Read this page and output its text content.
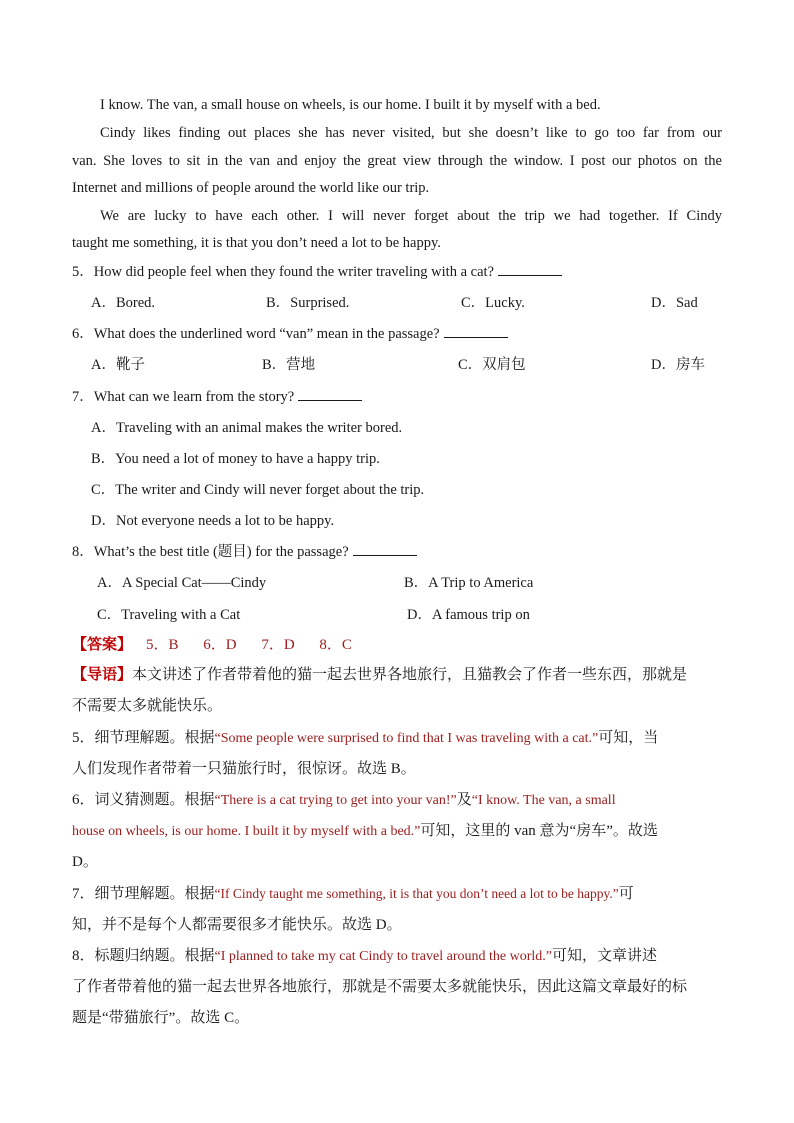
I know. The van, a small house on wheels, is our home. I built it by myself with a bed.
Cindy likes finding out places she has never visited, but she doesn’t like to go too far from our
van. She loves to sit in the van and enjoy the great view through the window. I post our photos on the
Internet and millions of people around the world like our trip.
We are lucky to have each other. I will never forget about the trip we had together. If Cindy
taught me something, it is that you don’t need a lot to be happy.
5．How did people feel when they found the writer traveling with a cat?
A．Bored.	B．Surprised.	C．Lucky.	D．Sad
6．What does the underlined word “van” mean in the passage?
A．靴子	B．营地	C．双肩包	D．房车
7．What can we learn from the story?
A．Traveling with an animal makes the writer bored.
B．You need a lot of money to have a happy trip.
C．The writer and Cindy will never forget about the trip.
D．Not everyone needs a lot to be happy.
8．What’s the best title (题目) for the passage?
A．A Special Cat——Cindy	B．A Trip to America
C．Traveling with a Cat	D．A famous trip on
【答案】 5．B　 6．D　 7．D　 8．C
【导语】本文讲述了作者带着他的猫一起去世界各地旅行，且猫教会了作者一些东西，那就是
不需要太多就能快乐。
5．细节理解题。根据“Some people were surprised to find that I was traveling with a cat.”可知，当
人们发现作者带着一只猫旅行时，很惊讶。故选 B。
6．词义猜测题。根据“There is a cat trying to get into your van!”及“I know. The van, a small
house on wheels, is our home. I built it by myself with a bed.”可知，这里的 van 意为“房车”。故选
D。
7．细节理解题。根据“If Cindy taught me something, it is that you don’t need a lot to be happy.”可
知，并不是每个人都需要很多才能快乐。故选 D。
8．标题归纳题。根据“I planned to take my cat Cindy to travel around the world.”可知，文章讲述
了作者带着他的猫一起去世界各地旅行，那就是不需要太多就能快乐，因此这篇文章最好的标
题是“带猫旅行”。故选 C。
